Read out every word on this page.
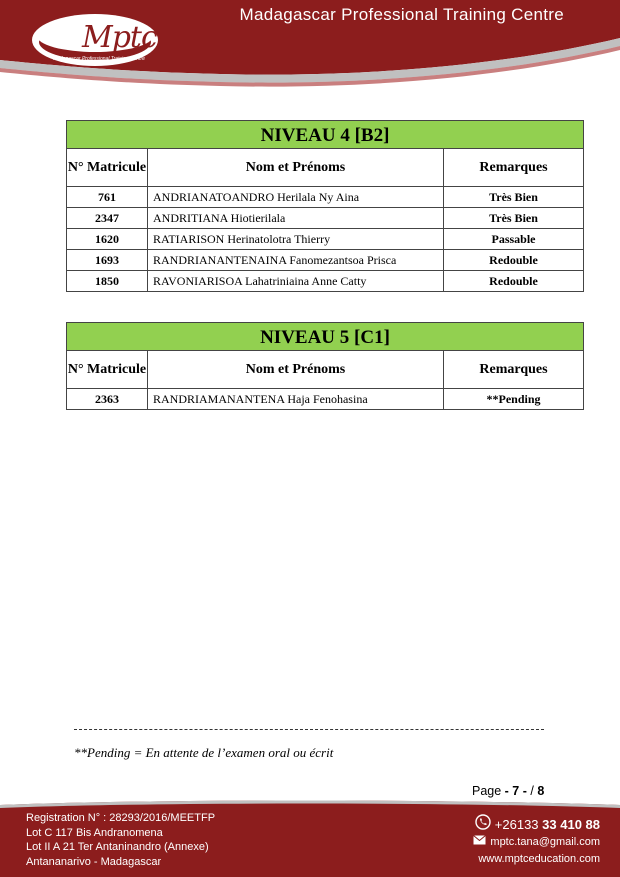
Madagascar Professional Training Centre
Mptc
Madagascar Professional Training Centre
NIVEAU 4 [B2]		
N° Matricule	Nom et Prénoms	Remarques
761	ANDRIANATOANDRO Herilala Ny Aina	Très Bien
2347	ANDRITIANA Hiotierilala	Très Bien
1620	RATIARISON Herinatolotra Thierry	Passable
1693	RANDRIANANTENAINA Fanomezantsoa Prisca	Redouble
1850	RAVONIARISOA Lahatriniaina Anne Catty	Redouble
NIVEAU 5 [C1]		
N° Matricule	Nom et Prénoms	Remarques
2363	RANDRIAMANANTENA Haja Fenohasina	**Pending
**Pending = En attente de l’examen oral ou écrit
Page - 7 - / 8
Registration N° : 28293/2016/MEETFP
Lot C 117 Bis Andranomena
Lot II A 21 Ter Antaninandro (Annexe)
Antananarivo - Madagascar
+26133
33 410 88
mptc.tana@gmail.com
www.mptceducation.com
